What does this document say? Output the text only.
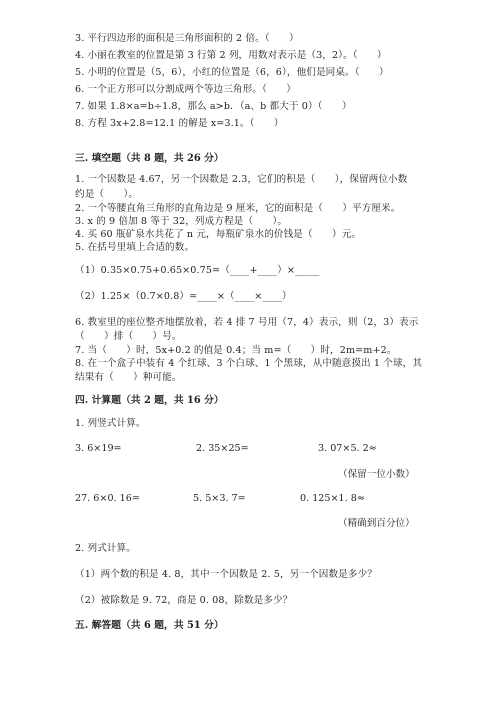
3. 平行四边形的面积是三角形面积的 2 倍。（　　）
4. 小丽在教室的位置是第 3 行第 2 列，用数对表示是（3，2）。（　　）
5. 小明的位置是（5，6），小红的位置是（6，6），他们是同桌。（　　）
6. 一个正方形可以分割成两个等边三角形。（　　）
7. 如果 1.8×a=b÷1.8，那么 a>b．（a、b 都大于 0）（　　）
8. 方程 3x+2.8=12.1 的解是 x=3.1。（　　）
三. 填空题（共 8 题，共 26 分）
1. 一个因数是 4.67，另一个因数是 2.3，它们的积是（　　），保留两位小数
约是（　　）。
2. 一个等腰直角三角形的直角边是 9 厘米，它的面积是（　　）平方厘米。
3. x 的 9 倍加 8 等于 32，列成方程是（　　）。
4. 买 60 瓶矿泉水共花了 n 元，每瓶矿泉水的价钱是（　　）元。
5. 在括号里填上合适的数。
（1）0.35×0.75+0.65×0.75=（____+____）×_____
（2）1.25×（0.7×0.8）=____×（____×____）
6. 教室里的座位整齐地摆放着，若 4 排 7 号用（7，4）表示，则（2，3）表示
（　　）排（　　）号。
7. 当（　　）时，5x+0.2 的值是 0.4；当 m=（　　）时，2m=m+2。
8. 在一个盒子中装有 4 个红球、3 个白球、1 个黑球，从中随意摸出 1 个球，其
结果有（　　）种可能。
四. 计算题（共 2 题，共 16 分）
1. 列竖式计算。
3. 6×19=	2. 35×25=	3. 07×5. 2≈
（保留一位小数）
27. 6×0. 16=	5. 5×3. 7=	0. 125×1. 8≈
（精确到百分位）
2. 列式计算。
（1）两个数的积是 4. 8，其中一个因数是 2. 5，另一个因数是多少？
（2）被除数是 9. 72，商是 0. 08，除数是多少？
五. 解答题（共 6 题，共 51 分）
